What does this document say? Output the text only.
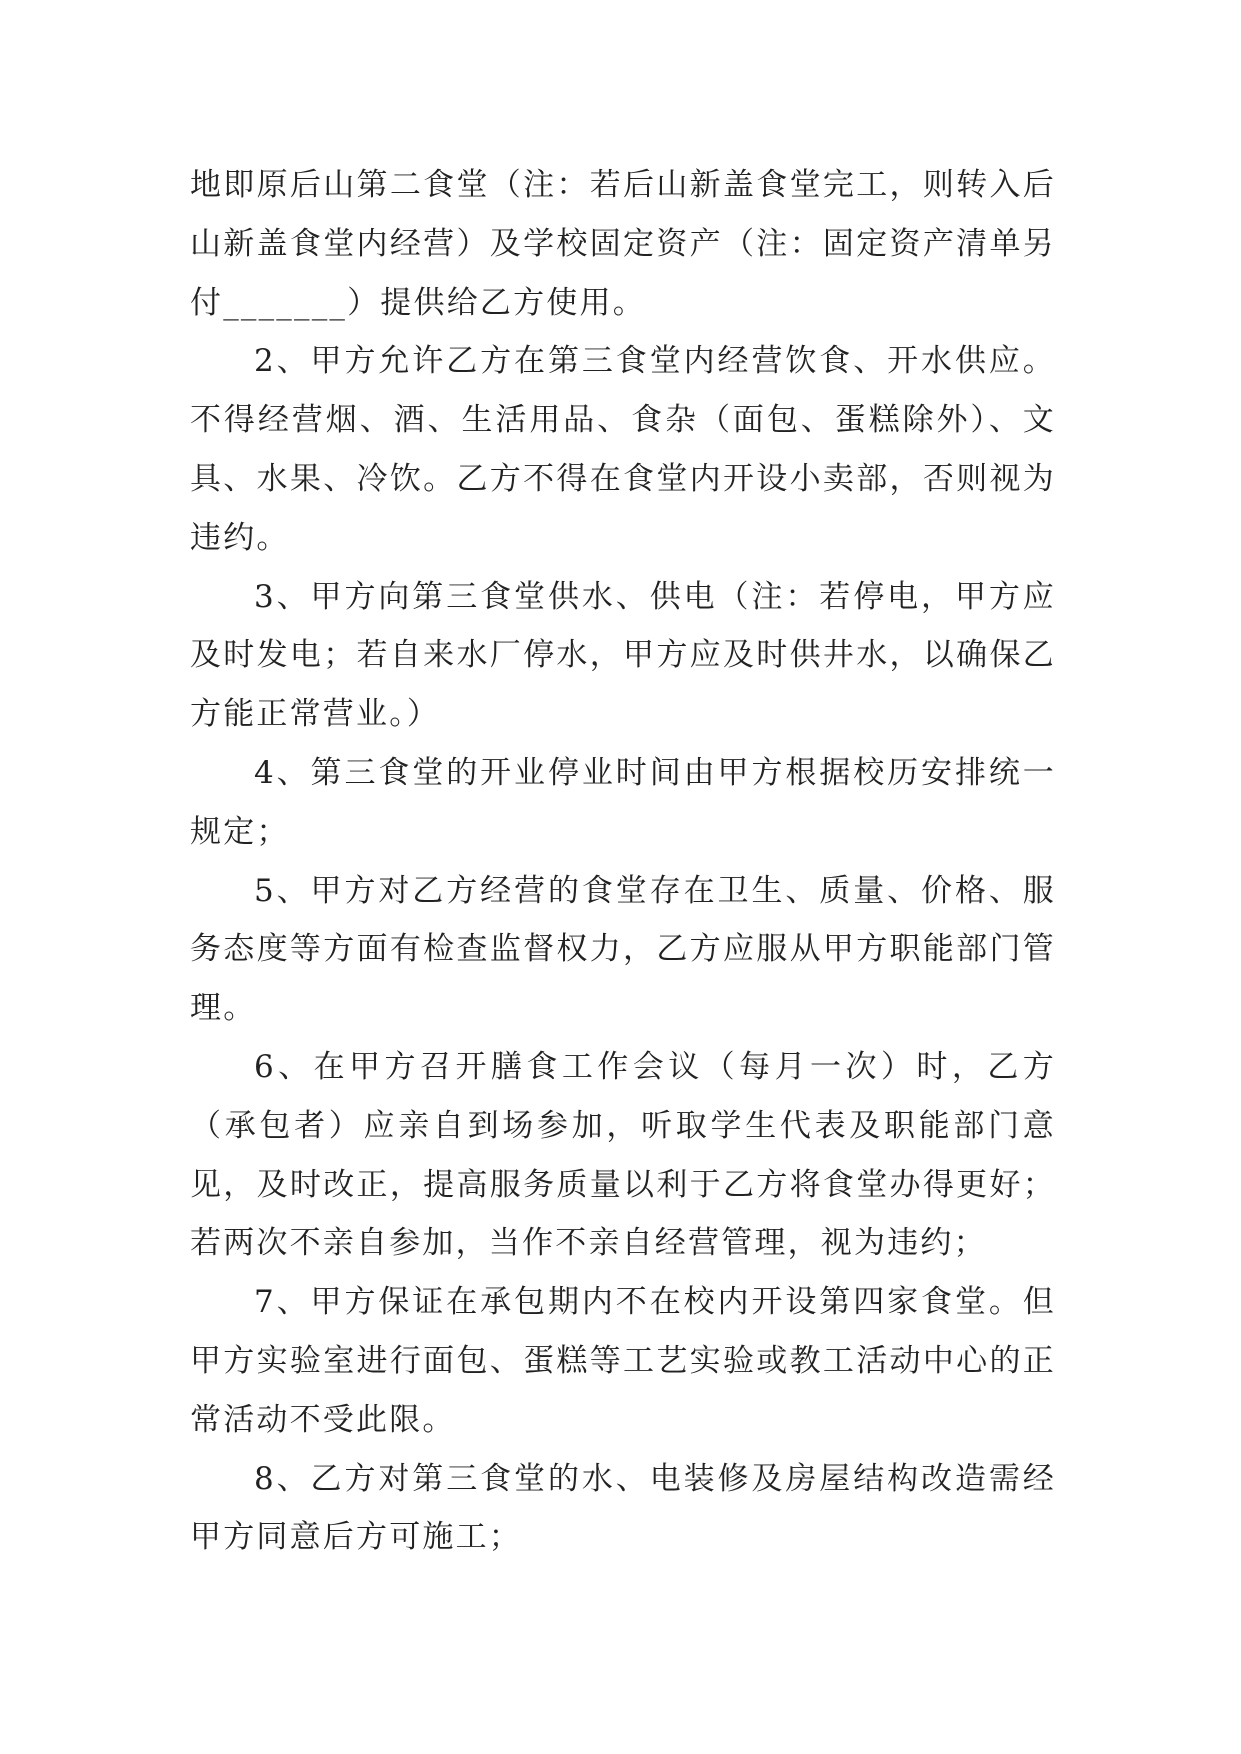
地即原后山第二食堂（注：若后山新盖食堂完工，则转入后山新盖食堂内经营）及学校固定资产（注：固定资产清单另付_______）提供给乙方使用。

2、甲方允许乙方在第三食堂内经营饮食、开水供应。不得经营烟、酒、生活用品、食杂（面包、蛋糕除外）、文具、水果、冷饮。乙方不得在食堂内开设小卖部，否则视为违约。

3、甲方向第三食堂供水、供电（注：若停电，甲方应及时发电；若自来水厂停水，甲方应及时供井水，以确保乙方能正常营业。）

4、第三食堂的开业停业时间由甲方根据校历安排统一规定；

5、甲方对乙方经营的食堂存在卫生、质量、价格、服务态度等方面有检查监督权力，乙方应服从甲方职能部门管理。

6、在甲方召开膳食工作会议（每月一次）时，乙方（承包者）应亲自到场参加，听取学生代表及职能部门意见，及时改正，提高服务质量以利于乙方将食堂办得更好；若两次不亲自参加，当作不亲自经营管理，视为违约；

7、甲方保证在承包期内不在校内开设第四家食堂。但甲方实验室进行面包、蛋糕等工艺实验或教工活动中心的正常活动不受此限。

8、乙方对第三食堂的水、电装修及房屋结构改造需经甲方同意后方可施工；
